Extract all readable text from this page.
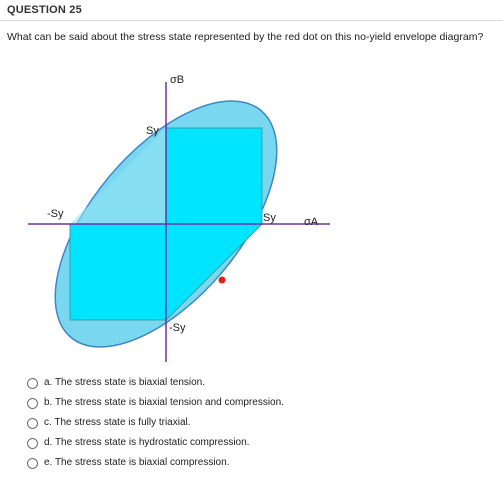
QUESTION 25
What can be said about the stress state represented by the red dot on this no-yield envelope diagram?
σB
σA
Sy
Sy
-Sy
-Sy
a. The stress state is biaxial tension.
b. The stress state is biaxial tension and compression.
c. The stress state is fully triaxial.
d. The stress state is hydrostatic compression.
e. The stress state is biaxial compression.
